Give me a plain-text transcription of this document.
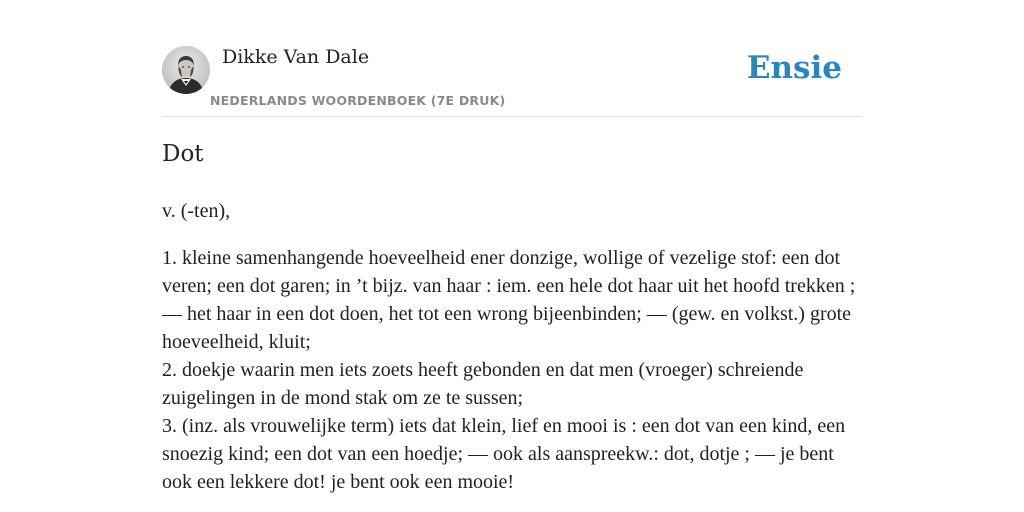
Dikke Van Dale
NEDERLANDS WOORDENBOEK (7E DRUK)
Ensie
Dot

v. (-ten),

1. kleine samenhangende hoeveelheid ener donzige, wollige of vezelige stof: een dot veren; een dot garen; in ’t bijz. van haar : iem. een hele dot haar uit het hoofd trekken ; — het haar in een dot doen, het tot een wrong bijeenbinden; — (gew. en volkst.) grote hoeveelheid, kluit;
2. doekje waarin men iets zoets heeft gebonden en dat men (vroeger) schreiende zuigelingen in de mond stak om ze te sussen;
3. (inz. als vrouwelijke term) iets dat klein, lief en mooi is : een dot van een kind, een snoezig kind; een dot van een hoedje; — ook als aanspreekw.: dot, dotje ; — je bent ook een lekkere dot! je bent ook een mooie!
